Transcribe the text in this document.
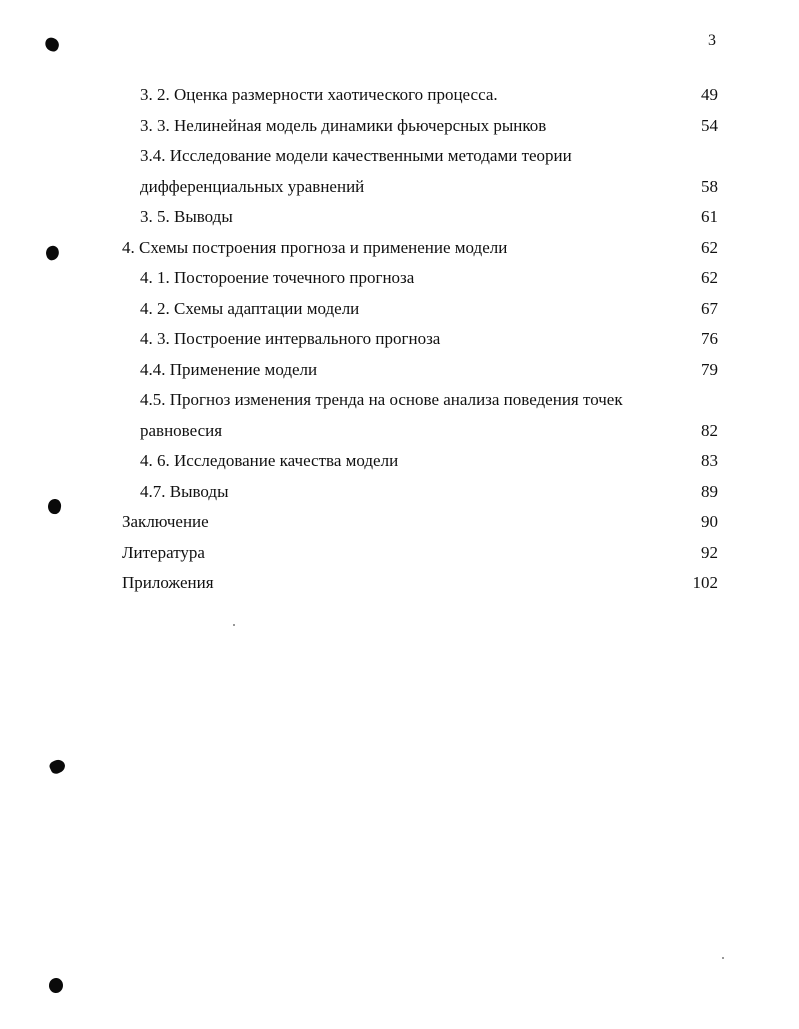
3
3. 2. Оценка размерности хаотического процесса.	49
3. 3. Нелинейная модель динамики фьючерсных рынков	54
3.4. Исследование модели качественными методами теории
дифференциальных уравнений	58
3. 5. Выводы	61
4. Схемы построения прогноза и применение модели	62
4. 1. Посторoение точечного прогноза	62
4. 2. Схемы адаптации модели	67
4. 3. Построение интервального прогноза	76
4.4. Применение модели	79
4.5. Прогноз изменения тренда на основе анализа поведения точек
равновесия	82
4. 6. Исследование качества модели	83
4.7. Выводы	89
Заключение	90
Литература	92
Приложения	102
